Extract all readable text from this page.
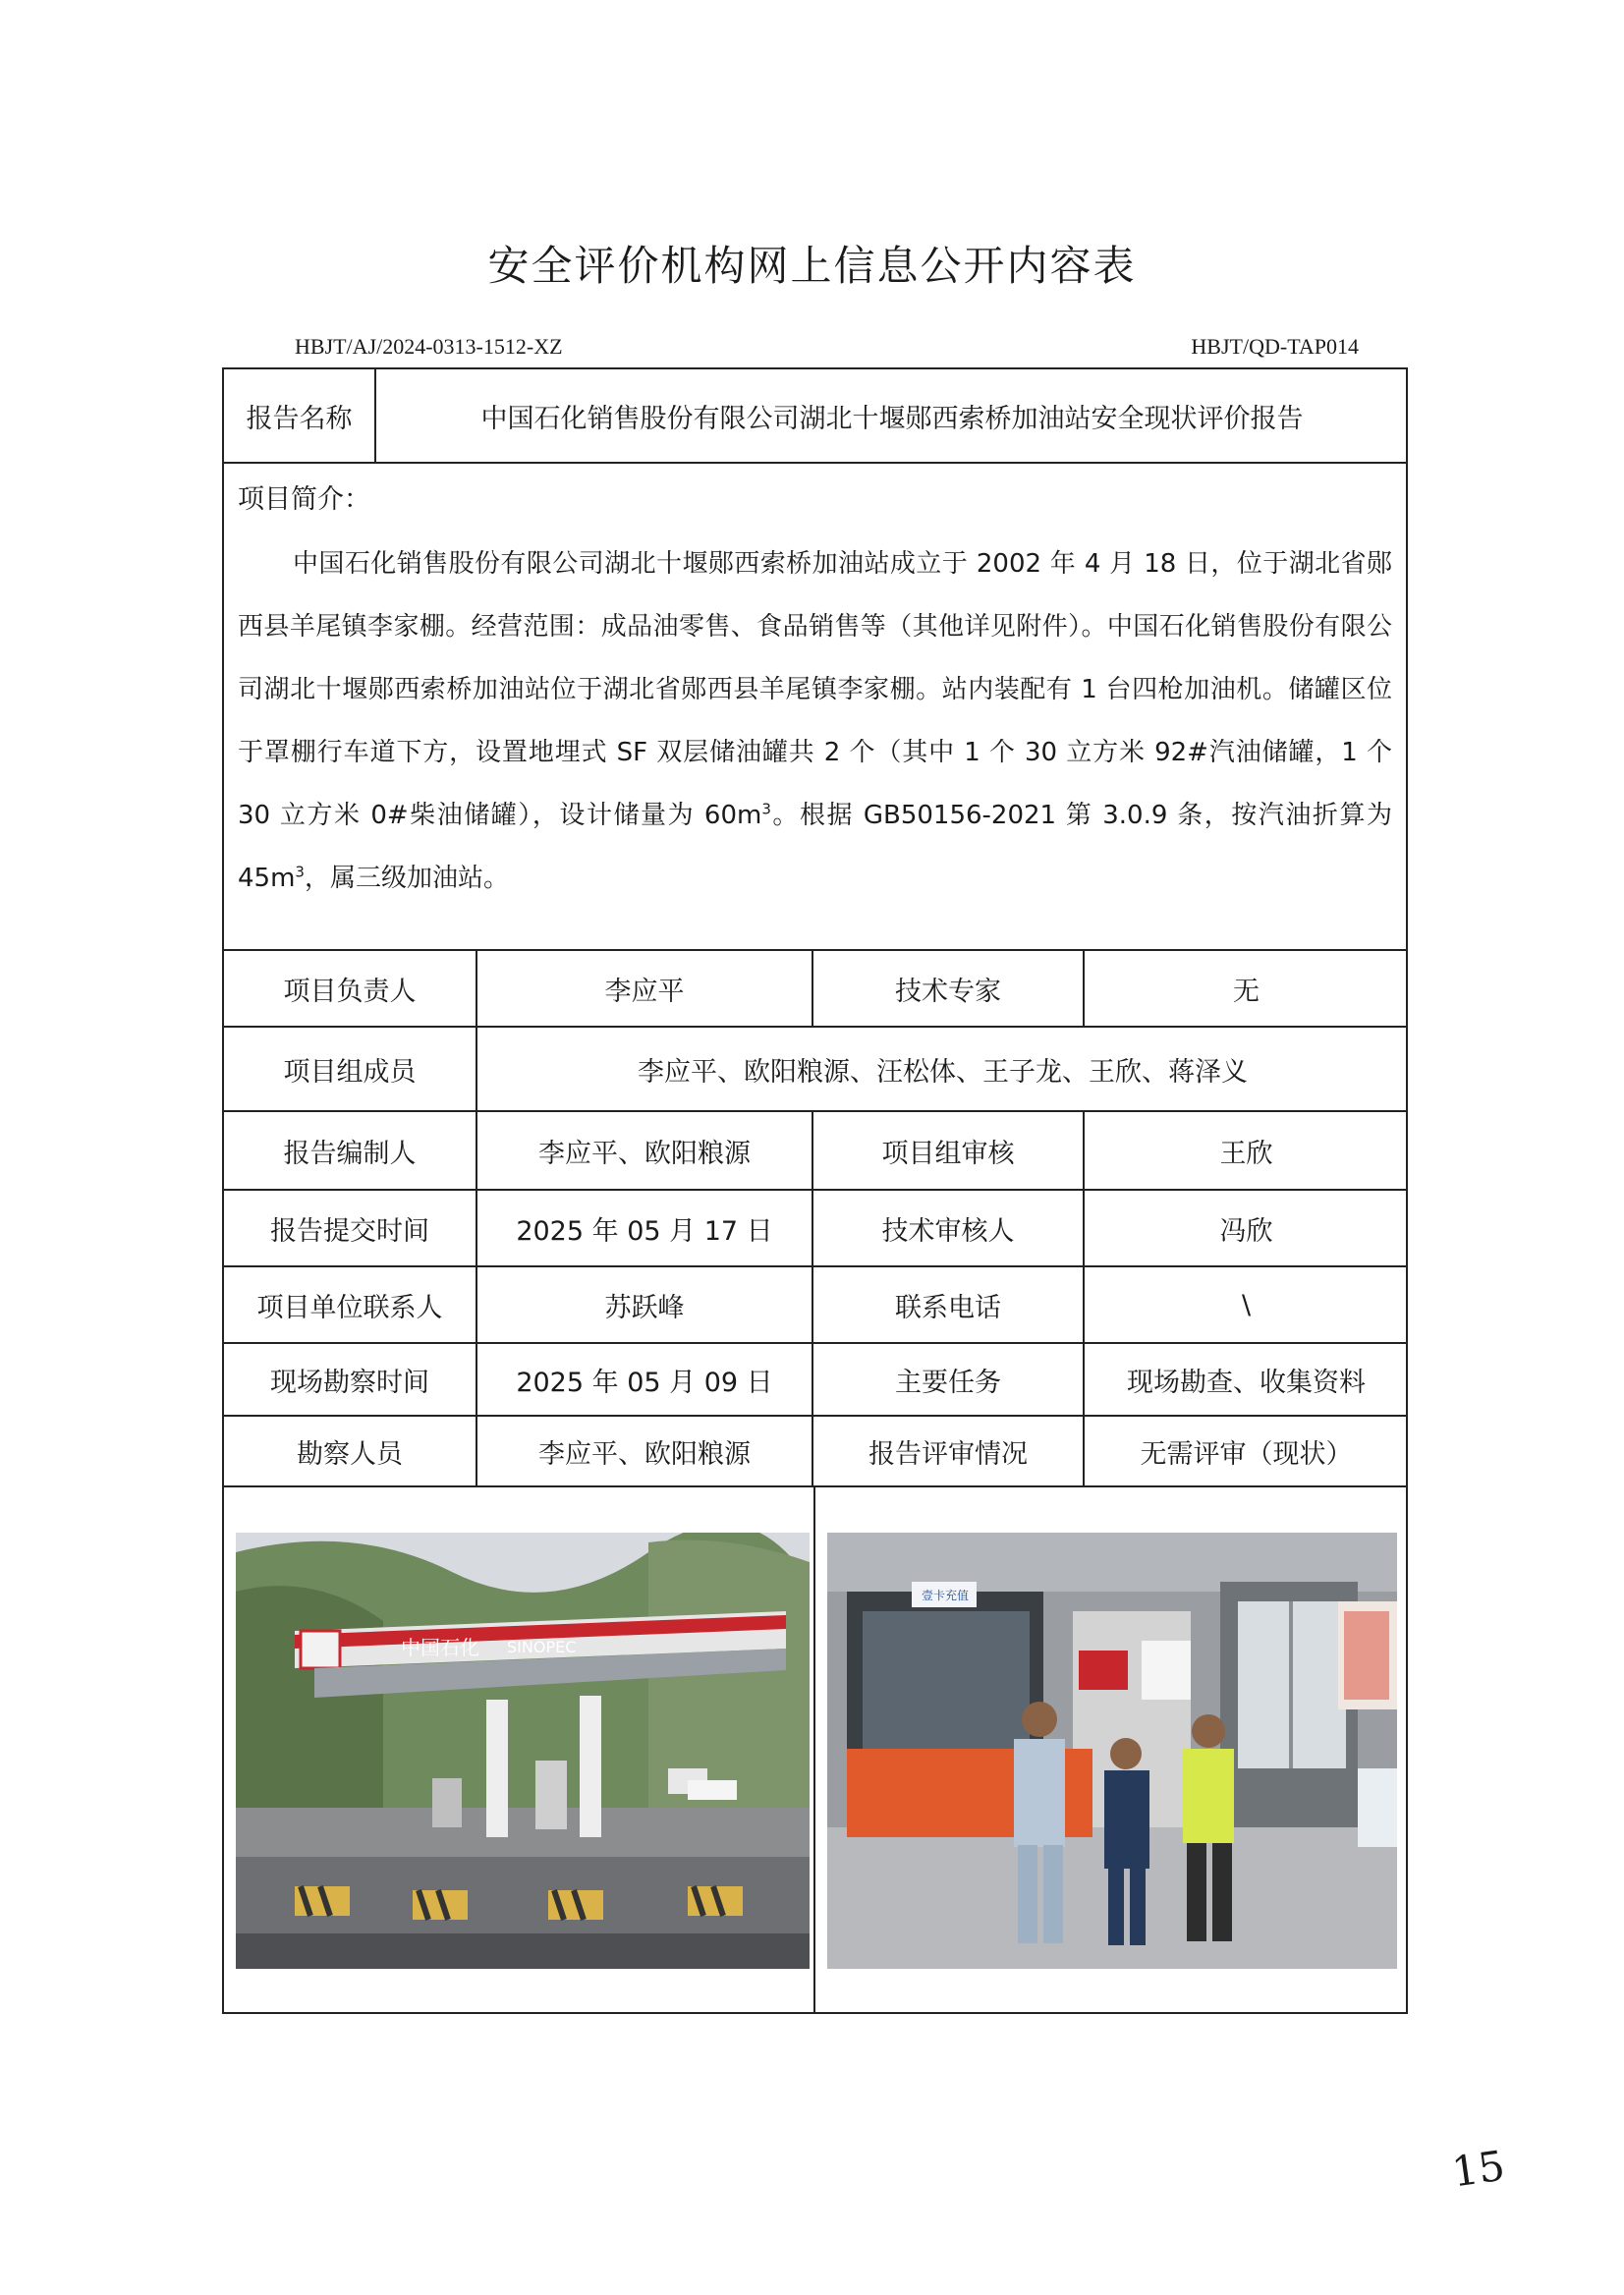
安全评价机构网上信息公开内容表
HBJT/AJ/2024-0313-1512-XZ	HBJT/QD-TAP014
报告名称	中国石化销售股份有限公司湖北十堰郧西索桥加油站安全现状评价报告
项目简介：
中国石化销售股份有限公司湖北十堰郧西索桥加油站成立于 2002 年 4 月 18 日，位于湖北省郧西县羊尾镇李家棚。经营范围：成品油零售、食品销售等（其他详见附件）。中国石化销售股份有限公司湖北十堰郧西索桥加油站位于湖北省郧西县羊尾镇李家棚。站内装配有 1 台四枪加油机。储罐区位于罩棚行车道下方，设置地埋式 SF 双层储油罐共 2 个（其中 1 个 30 立方米 92#汽油储罐，1 个 30 立方米 0#柴油储罐），设计储量为 $60m^3$。根据 GB50156-2021 第 3.0.9 条，按汽油折算为 $45m^3$，属三级加油站。
项目负责人	李应平	技术专家	无
项目组成员	李应平、欧阳粮源、汪松体、王子龙、王欣、蒋泽义
报告编制人	李应平、欧阳粮源	项目组审核	王欣
报告提交时间	2025 年 05 月 17 日	技术审核人	冯欣
项目单位联系人	苏跃峰	联系电话	\
现场勘察时间	2025 年 05 月 09 日	主要任务	现场勘查、收集资料
勘察人员	李应平、欧阳粮源	报告评审情况	无需评审（现状）
中国石化 SINOPEC
壹卡充值
15
